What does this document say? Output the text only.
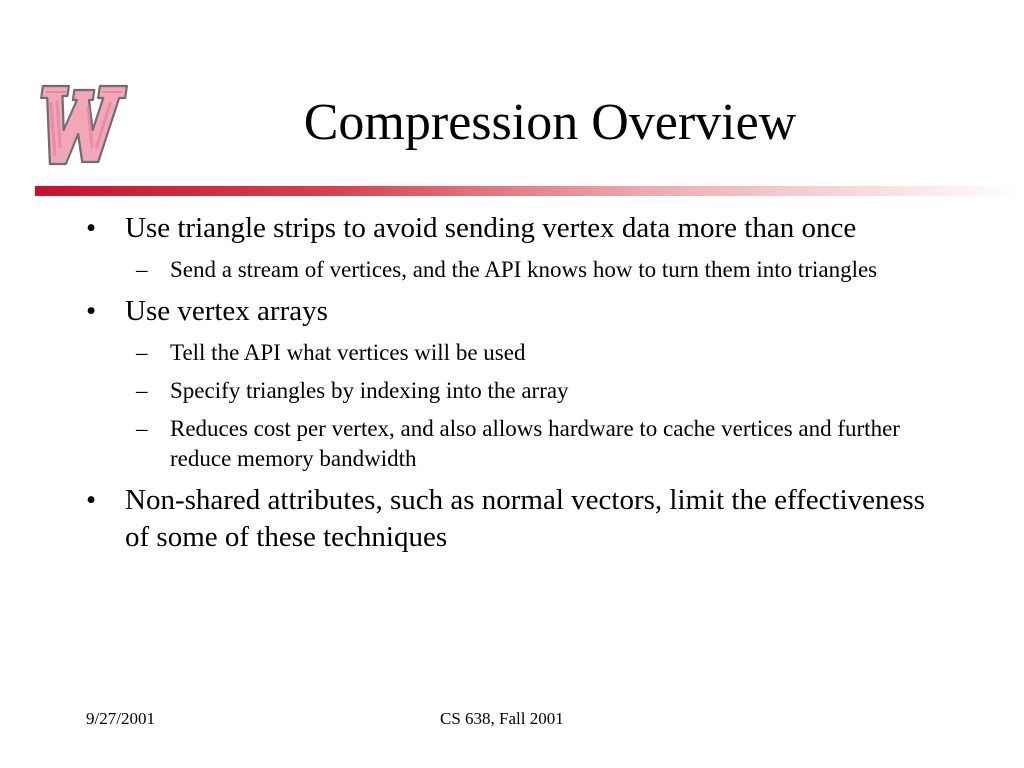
Compression Overview
• Use triangle strips to avoid sending vertex data more than once
– Send a stream of vertices, and the API knows how to turn them into triangles
• Use vertex arrays
– Tell the API what vertices will be used
– Specify triangles by indexing into the array
– Reduces cost per vertex, and also allows hardware to cache vertices and further reduce memory bandwidth
• Non-shared attributes, such as normal vectors, limit the effectiveness of some of these techniques
9/27/2001	CS 638, Fall 2001
